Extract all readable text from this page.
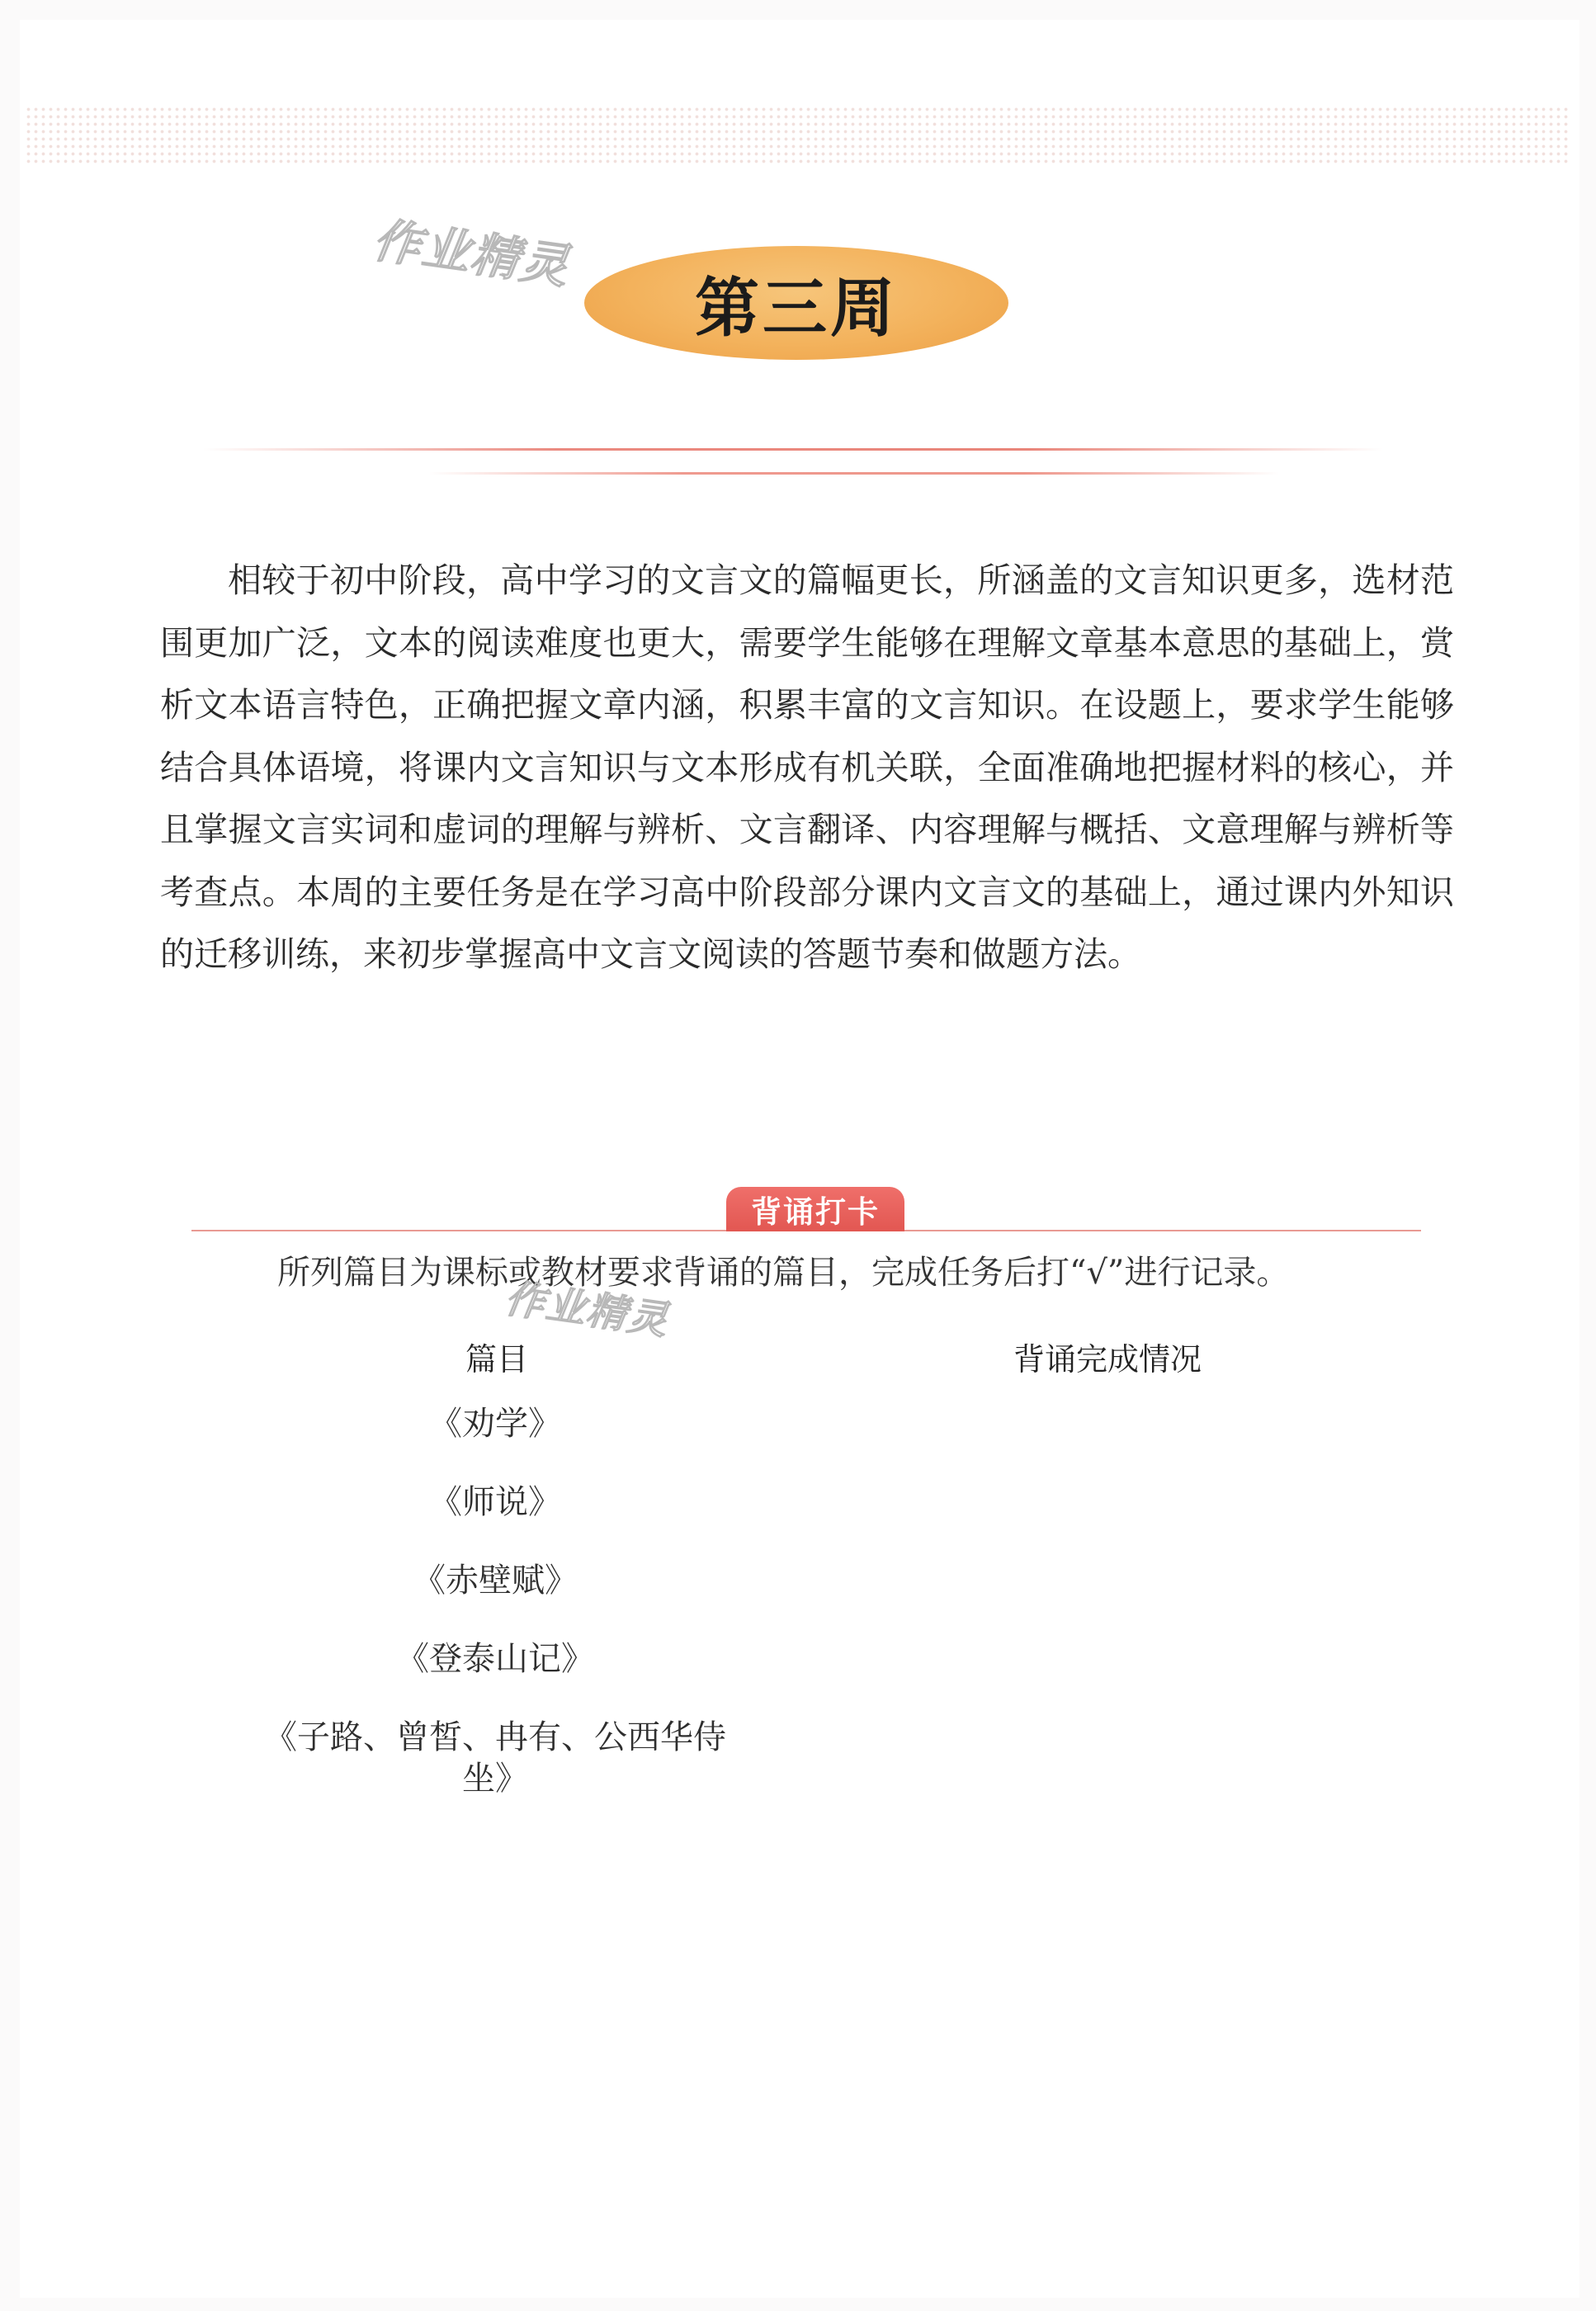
作业精灵
第三周

相较于初中阶段，高中学习的文言文的篇幅更长，所涵盖的文言知识更多，选材范围更加广泛，文本的阅读难度也更大，需要学生能够在理解文章基本意思的基础上，赏析文本语言特色，正确把握文章内涵，积累丰富的文言知识。在设题上，要求学生能够结合具体语境，将课内文言知识与文本形成有机关联，全面准确地把握材料的核心，并且掌握文言实词和虚词的理解与辨析、文言翻译、内容理解与概括、文意理解与辨析等考查点。本周的主要任务是在学习高中阶段部分课内文言文的基础上，通过课内外知识的迁移训练，来初步掌握高中文言文阅读的答题节奏和做题方法。

背诵打卡

所列篇目为课标或教材要求背诵的篇目，完成任务后打“√”进行记录。

作业精灵
篇目	背诵完成情况
《劝学》
《师说》
《赤壁赋》
《登泰山记》
《子路、曾皙、冉有、公西华侍坐》
